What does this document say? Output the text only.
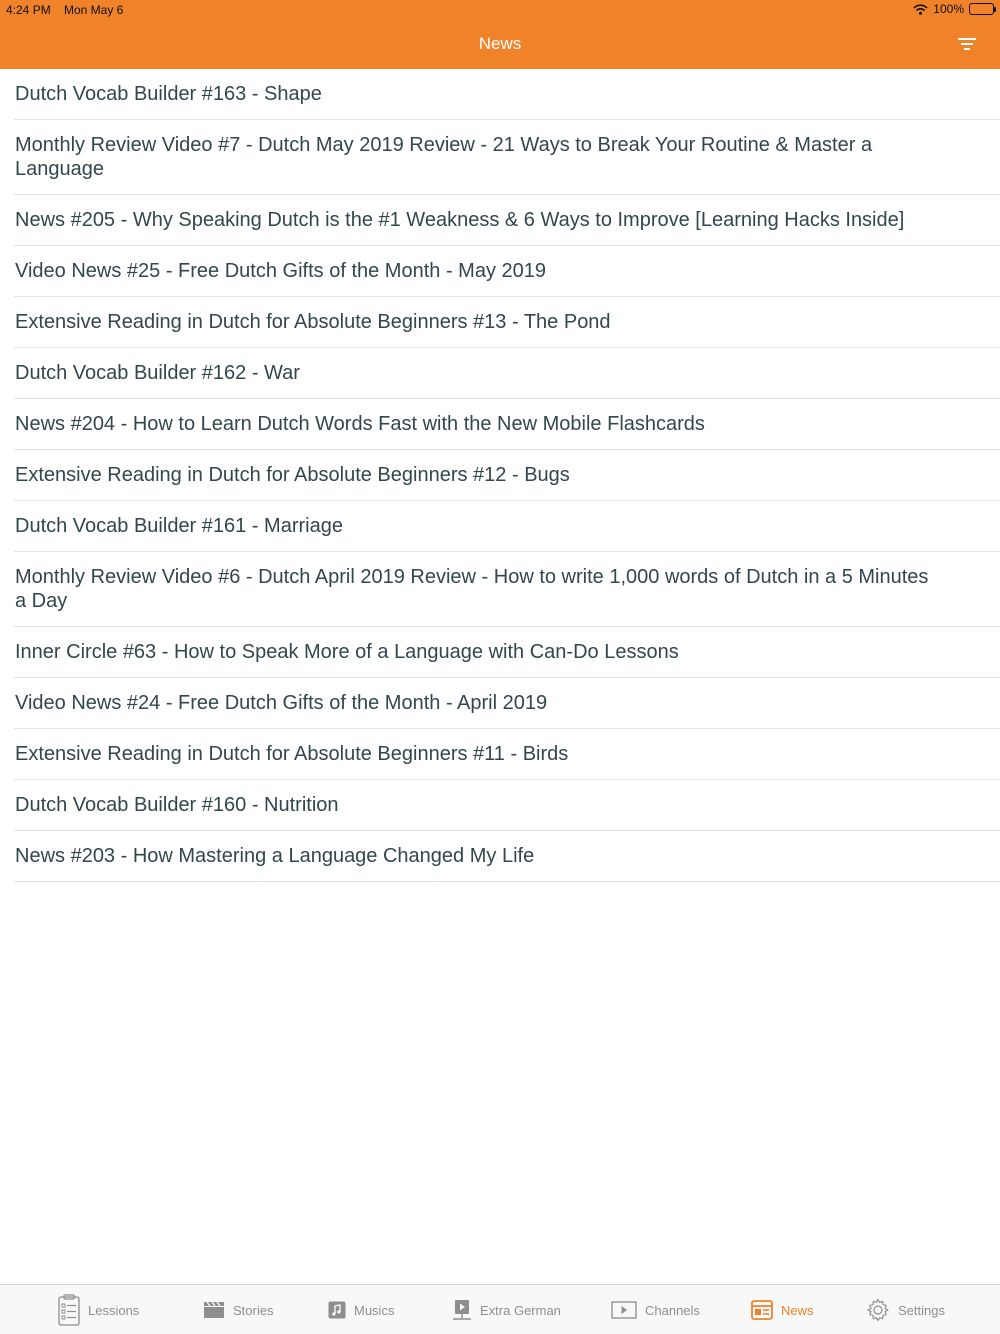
4:24 PM Mon May 6	100%
News
Dutch Vocab Builder #163 - Shape
Monthly Review Video #7 - Dutch May 2019 Review - 21 Ways to Break Your Routine & Master a Language
News #205 - Why Speaking Dutch is the #1 Weakness & 6 Ways to Improve [Learning Hacks Inside]
Video News #25 - Free Dutch Gifts of the Month - May 2019
Extensive Reading in Dutch for Absolute Beginners #13 - The Pond
Dutch Vocab Builder #162 - War
News #204 - How to Learn Dutch Words Fast with the New Mobile Flashcards
Extensive Reading in Dutch for Absolute Beginners #12 - Bugs
Dutch Vocab Builder #161 - Marriage
Monthly Review Video #6 - Dutch April 2019 Review - How to write 1,000 words of Dutch in a 5 Minutes a Day
Inner Circle #63 - How to Speak More of a Language with Can-Do Lessons
Video News #24 - Free Dutch Gifts of the Month - April 2019
Extensive Reading in Dutch for Absolute Beginners #11 - Birds
Dutch Vocab Builder #160 - Nutrition
News #203 - How Mastering a Language Changed My Life
Lessions	Stories	Musics	Extra German	Channels	News	Settings
